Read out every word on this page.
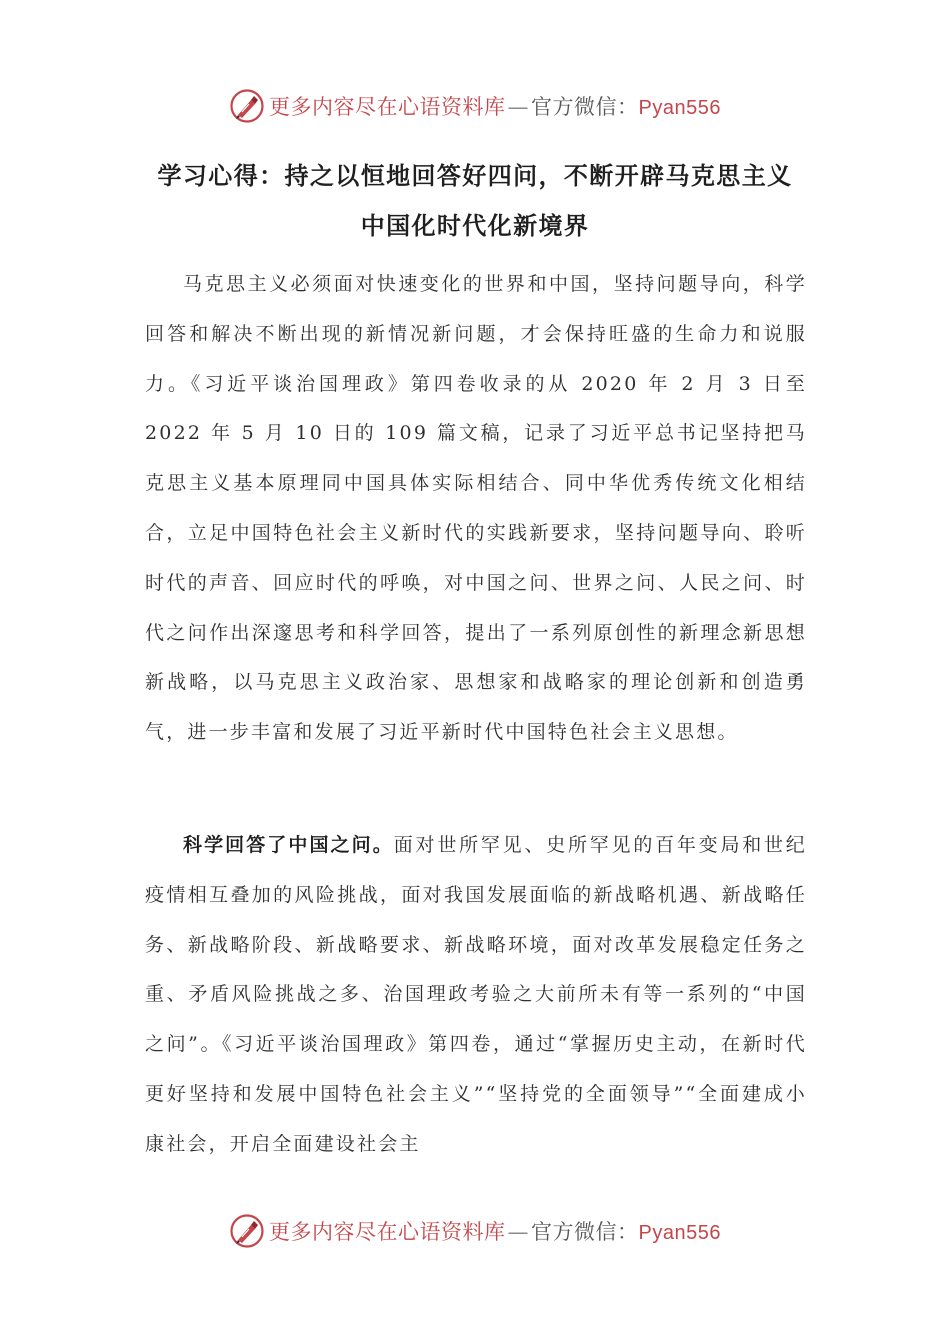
更多内容尽在心语资料库 — 官方微信： Pyan556
学习心得：持之以恒地回答好四问，不断开辟马克思主义
中国化时代化新境界

马克思主义必须面对快速变化的世界和中国，坚持问题导向，科学回答和解决不断出现的新情况新问题，才会保持旺盛的生命力和说服力。《习近平谈治国理政》第四卷收录的从 2020 年 2 月 3 日至 2022 年 5 月 10 日的 109 篇文稿，记录了习近平总书记坚持把马克思主义基本原理同中国具体实际相结合、同中华优秀传统文化相结合，立足中国特色社会主义新时代的实践新要求，坚持问题导向、聆听时代的声音、回应时代的呼唤，对中国之问、世界之问、人民之问、时代之问作出深邃思考和科学回答，提出了一系列原创性的新理念新思想新战略，以马克思主义政治家、思想家和战略家的理论创新和创造勇气，进一步丰富和发展了习近平新时代中国特色社会主义思想。

科学回答了中国之问。面对世所罕见、史所罕见的百年变局和世纪疫情相互叠加的风险挑战，面对我国发展面临的新战略机遇、新战略任务、新战略阶段、新战略要求、新战略环境，面对改革发展稳定任务之重、矛盾风险挑战之多、治国理政考验之大前所未有等一系列的“中国之问”。《习近平谈治国理政》第四卷，通过“掌握历史主动，在新时代更好坚持和发展中国特色社会主义”“坚持党的全面领导”“全面建成小康社会，开启全面建设社会主

更多内容尽在心语资料库 — 官方微信： Pyan556
